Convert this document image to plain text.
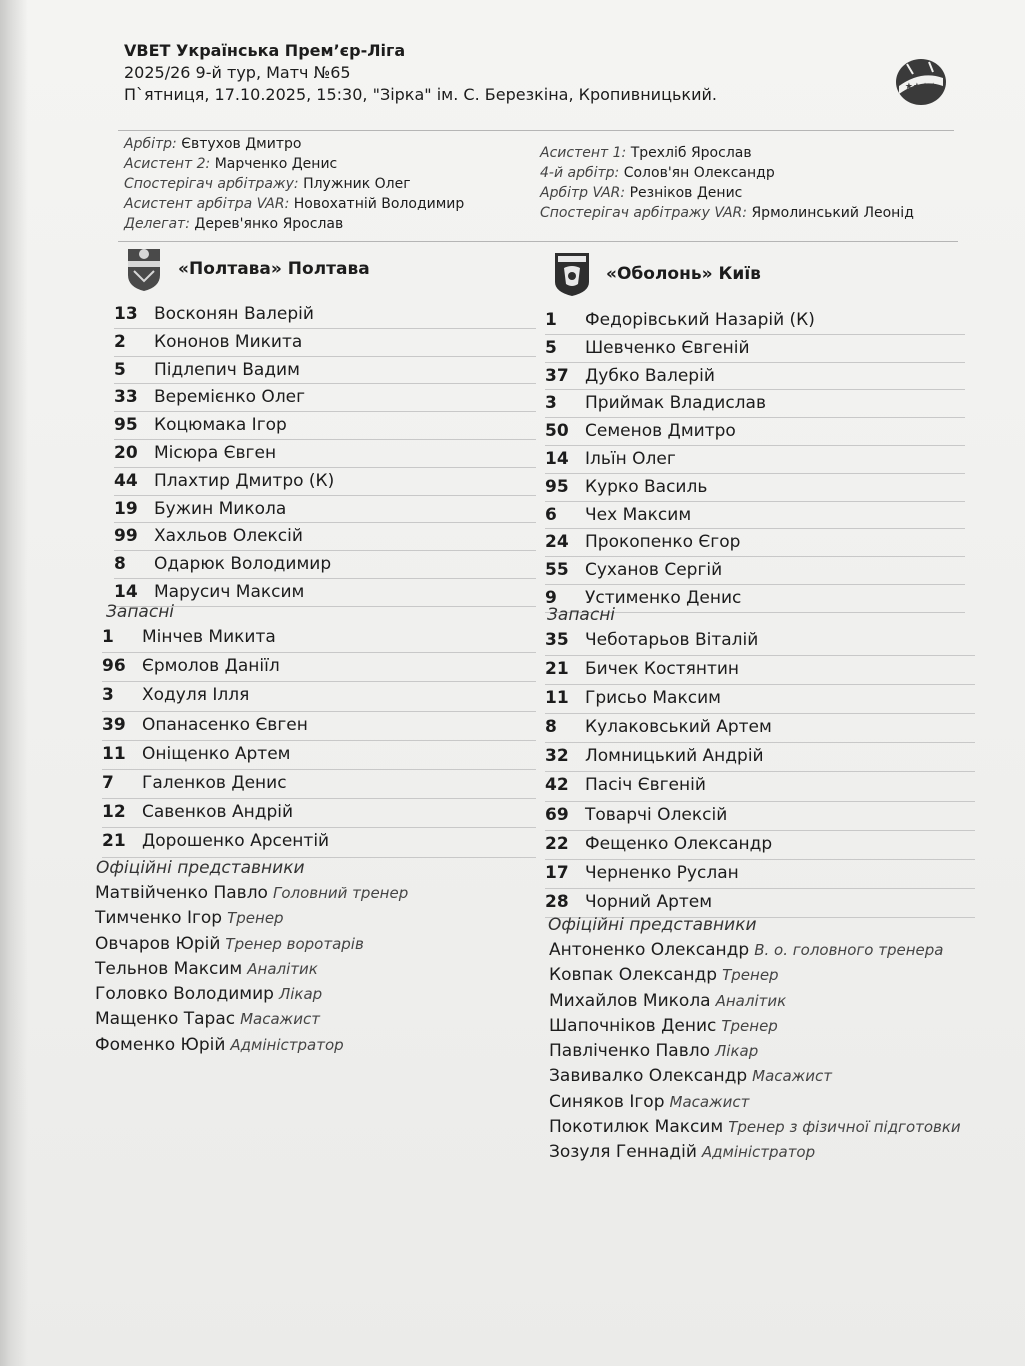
VBET Українська Прем’єр-Ліга
2025/26 9-й тур, Матч №65
П`ятниця, 17.10.2025, 15:30, "Зірка" ім. С. Березкіна, Кропивницький.	★★★★
Арбітр: Євтухов Дмитро
Асистент 2: Марченко Денис
Спостерігач арбітражу: Плужник Олег
Асистент арбітра VAR: Новохатній Володимир
Делегат: Дерев'янко Ярослав
Асистент 1: Трехліб Ярослав
4-й арбітр: Солов'ян Олександр
Арбітр VAR: Резніков Денис
Спостерігач арбітражу VAR: Ярмолинський Леонід
«Полтава» Полтава	«Оболонь» Київ
13 Восконян Валерій
2	Кононов Микита
5	Підлепич Вадим
33 Веремієнко Олег
95 Коцюмака Ігор
20 Місюра Євген
44 Плахтир Дмитро (К)
19 Бужин Микола
99 Хахльов Олексій
8	Одарюк Володимир
14 Марусич Максим
Запасні
1	Мінчев Микита
96 Єрмолов Даніїл
3	Ходуля Ілля
39 Опанасенко Євген
11 Оніщенко Артем
7	Галенков Денис
12 Савенков Андрій
21 Дорошенко Арсентій
Офіційні представники
Матвійченко Павло Головний тренер
Тимченко Ігор Тренер
Овчаров Юрій Тренер воротарів
Тельнов Максим Аналітик
Головко Володимир Лікар
Мащенко Тарас Масажист
Фоменко Юрій Адміністратор
1	Федорівський Назарій (К)
5	Шевченко Євгеній
37 Дубко Валерій
3	Приймак Владислав
50 Семенов Дмитро
14 Ільїн Олег
95 Курко Василь
6	Чех Максим
24 Прокопенко Єгор
55 Суханов Сергій
9	Устименко Денис
Запасні
35 Чеботарьов Віталій
21 Бичек Костянтин
11 Грисьо Максим
8	Кулаковський Артем
32 Ломницький Андрій
42 Пасіч Євгеній
69 Товарчі Олексій
22 Фещенко Олександр
17 Черненко Руслан
28 Чорний Артем
Офіційні представники
Антоненко Олександр В. о. головного тренера
Ковпак Олександр Тренер
Михайлов Микола Аналітик
Шапочніков Денис Тренер
Павліченко Павло Лікар
Завивалко Олександр Масажист
Синяков Ігор Масажист
Покотилюк Максим Тренер з фізичної підготовки
Зозуля Геннадій Адміністратор
